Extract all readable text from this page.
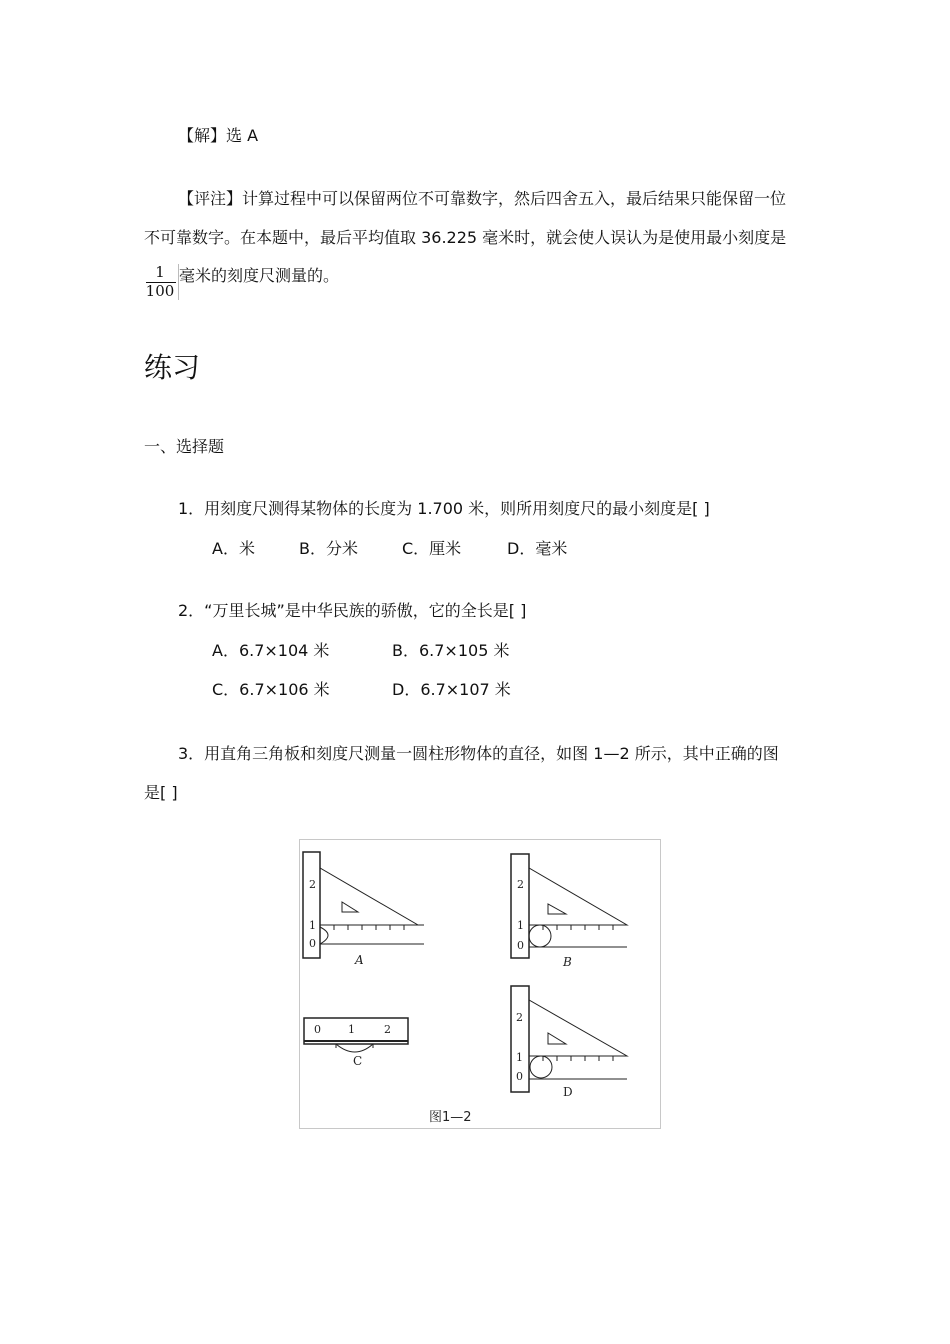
【解】选 A
【评注】计算过程中可以保留两位不可靠数字，然后四舍五入，最后结果只能保留一位
不可靠数字。在本题中，最后平均值取 36.225 毫米时，就会使人误认为是使用最小刻度是
1
100
毫米的刻度尺测量的。
练习
一、选择题
1．用刻度尺测得某物体的长度为 1.700 米，则所用刻度尺的最小刻度是[ ]
A．米	B．分米	C．厘米	D．毫米
2．“万里长城”是中华民族的骄傲，它的全长是[ ]
A．6.7×104 米	B．6.7×105 米
C．6.7×106 米	D．6.7×107 米
3．用直角三角板和刻度尺测量一圆柱形物体的直径，如图 1—2 所示，其中正确的图
是[ ]
2
1
0
A
2
1
0
B
0 1	2
C
2
1
0
D
图1—2
